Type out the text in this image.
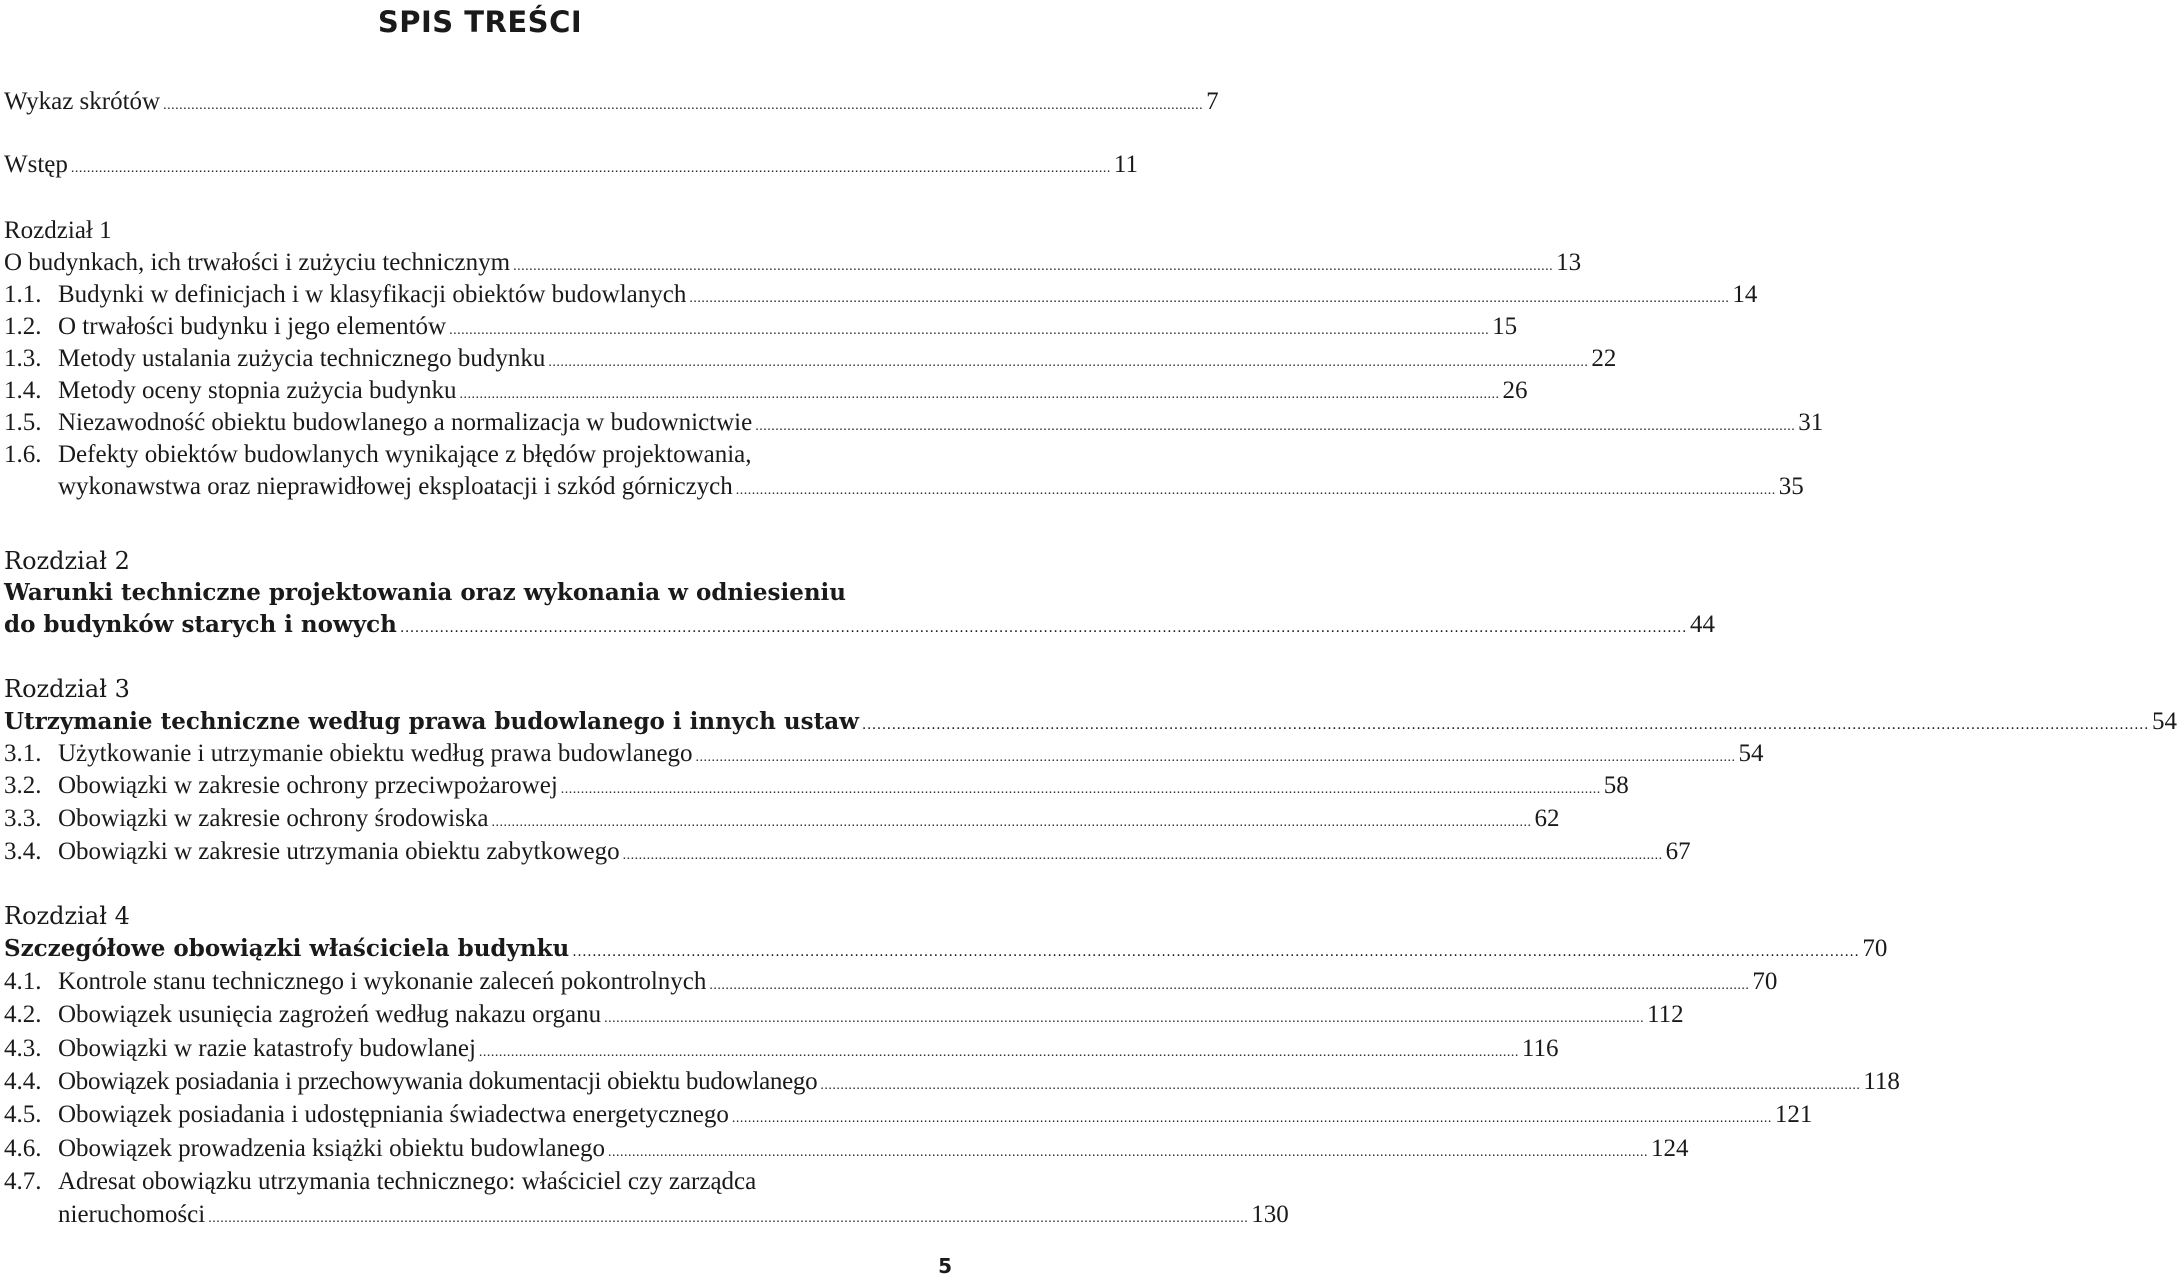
SPIS TREŚCI
Wykaz skrótów .....	7
Wstęp .....	11
Rozdział 1
O budynkach, ich trwałości i zużyciu technicznym .....	13
1.1. Budynki w definicjach i w klasyfikacji obiektów budowlanych .....	14
1.2. O trwałości budynku i jego elementów .....	15
1.3. Metody ustalania zużycia technicznego budynku .....	22
1.4. Metody oceny stopnia zużycia budynku .....	26
1.5. Niezawodność obiektu budowlanego a normalizacja w budownictwie .....	31
1.6. Defekty obiektów budowlanych wynikające z błędów projektowania,
wykonawstwa oraz nieprawidłowej eksploatacji i szkód górniczych .....	35
Rozdział 2
Warunki techniczne projektowania oraz wykonania w odniesieniu
do budynków starych i nowych .....	44
Rozdział 3
Utrzymanie techniczne według prawa budowlanego i innych ustaw .....	54
3.1. Użytkowanie i utrzymanie obiektu według prawa budowlanego .....	54
3.2. Obowiązki w zakresie ochrony przeciwpożarowej .....	58
3.3. Obowiązki w zakresie ochrony środowiska .....	62
3.4. Obowiązki w zakresie utrzymania obiektu zabytkowego .....	67
Rozdział 4
Szczegółowe obowiązki właściciela budynku .....	70
4.1. Kontrole stanu technicznego i wykonanie zaleceń pokontrolnych .....	70
4.2. Obowiązek usunięcia zagrożeń według nakazu organu .....	112
4.3. Obowiązki w razie katastrofy budowlanej .....	116
4.4. Obowiązek posiadania i przechowywania dokumentacji obiektu budowlanego .....	118
4.5. Obowiązek posiadania i udostępniania świadectwa energetycznego .....	121
4.6. Obowiązek prowadzenia książki obiektu budowlanego .....	124
4.7. Adresat obowiązku utrzymania technicznego: właściciel czy zarządca
nieruchomości .....	130
5
